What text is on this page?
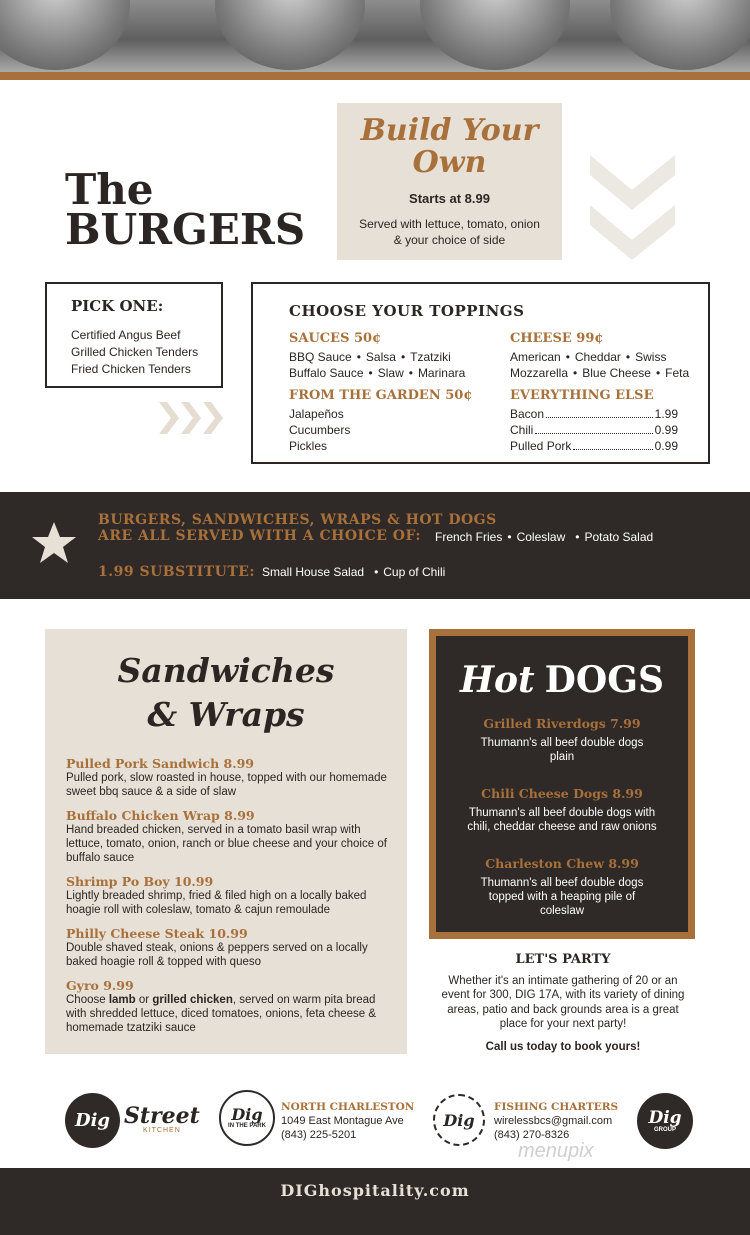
The
BURGERS
Build Your Own
Starts at 8.99
Served with lettuce, tomato, onion & your choice of side
PICK ONE:
Certified Angus Beef
Grilled Chicken Tenders
Fried Chicken Tenders
CHOOSE YOUR TOPPINGS
SAUCES 50¢
BBQ Sauce • Salsa • Tzatziki
Buffalo Sauce • Slaw • Marinara
CHEESE 99¢
American • Cheddar • Swiss
Mozzarella • Blue Cheese • Feta
FROM THE GARDEN 50¢
Jalapeños
Cucumbers
Pickles
EVERYTHING ELSE
Bacon	1.99
Chili	0.99
Pulled Pork	0.99
BURGERS, SANDWICHES, WRAPS & HOT DOGS
ARE ALL SERVED WITH A CHOICE OF: French Fries • Coleslaw • Potato Salad
1.99 SUBSTITUTE: Small House Salad • Cup of Chili
Sandwiches
& Wraps
Pulled Pork Sandwich 8.99
Pulled pork, slow roasted in house, topped with our homemade sweet bbq sauce & a side of slaw
Buffalo Chicken Wrap 8.99
Hand breaded chicken, served in a tomato basil wrap with lettuce, tomato, onion, ranch or blue cheese and your choice of buffalo sauce
Shrimp Po Boy 10.99
Lightly breaded shrimp, fried & filed high on a locally baked hoagie roll with coleslaw, tomato & cajun remoulade
Philly Cheese Steak 10.99
Double shaved steak, onions & peppers served on a locally baked hoagie roll & topped with queso
Gyro 9.99
Choose lamb or grilled chicken, served on warm pita bread with shredded lettuce, diced tomatoes, onions, feta cheese & homemade tzatziki sauce
Hot DOGS
Grilled Riverdogs 7.99
Thumann's all beef double dogs plain
Chili Cheese Dogs 8.99
Thumann's all beef double dogs with chili, cheddar cheese and raw onions
Charleston Chew 8.99
Thumann's all beef double dogs topped with a heaping pile of coleslaw
LET'S PARTY
Whether it's an intimate gathering of 20 or an event for 300, DIG 17A, with its variety of dining areas, patio and back grounds area is a great place for your next party!
Call us today to book yours!
Dig Street
KITCHEN
Dig
IN THE PARK
NORTH CHARLESTON
1049 East Montague Ave
(843) 225-5201
Dig
FISHING CHARTERS
wirelessbcs@gmail.com
(843) 270-8326
Dig
GROUP
menupix
DIGhospitality.com
